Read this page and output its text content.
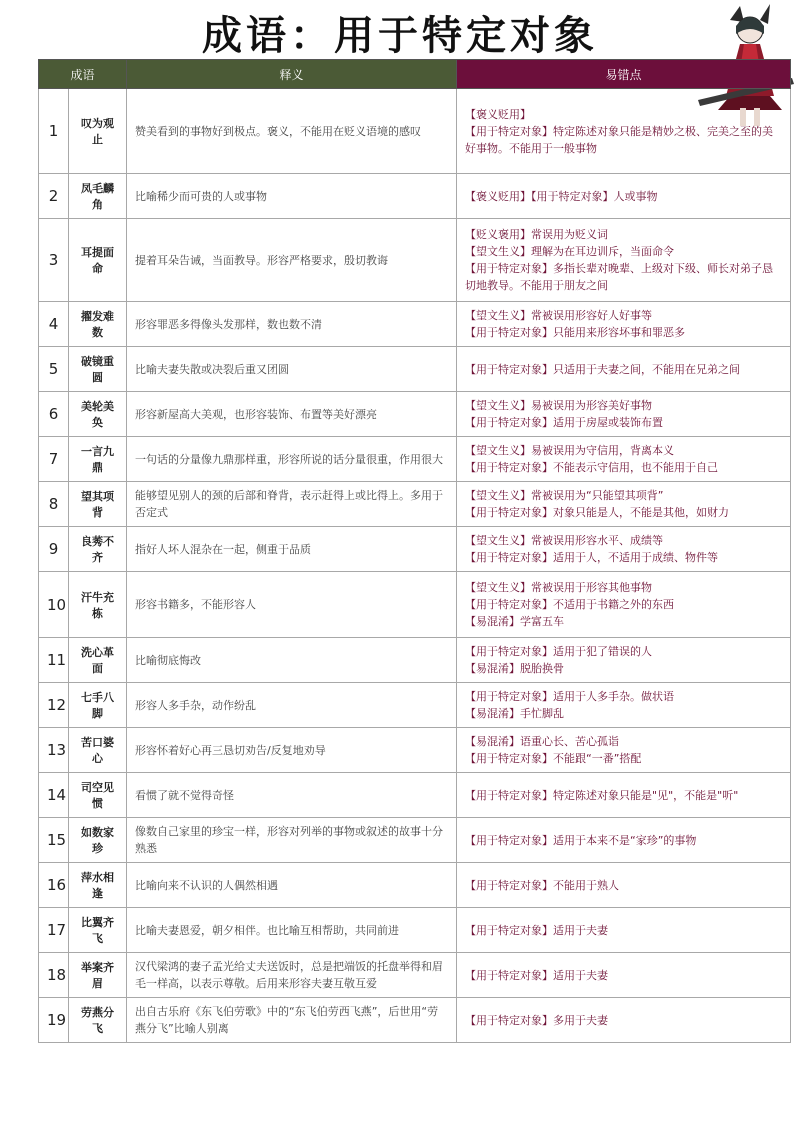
成语：用于特定对象
成语		释义	易错点
1	叹为观止	赞美看到的事物好到极点。褒义，不能用在贬义语境的感叹	【褒义贬用】
【用于特定对象】特定陈述对象只能是精妙之极、完美之至的美好事物。不能用于一般事物

2	凤毛麟角	比喻稀少而可贵的人或事物	【褒义贬用】【用于特定对象】人或事物

3	耳提面命	提着耳朵告诫，当面教导。形容严格要求，殷切教诲	【贬义褒用】常误用为贬义词
【望文生义】理解为在耳边训斥，当面命令
【用于特定对象】多指长辈对晚辈、上级对下级、师长对弟子恳切地教导。不能用于朋友之间

4	擢发难数	形容罪恶多得像头发那样，数也数不清	【望文生义】常被误用形容好人好事等
【用于特定对象】只能用来形容坏事和罪恶多

5	破镜重圆	比喻夫妻失散或决裂后重又团圆	【用于特定对象】只适用于夫妻之间，不能用在兄弟之间

6	美轮美奂	形容新屋高大美观，也形容装饰、布置等美好漂亮	【望文生义】易被误用为形容美好事物
【用于特定对象】适用于房屋或装饰布置

7	一言九鼎	一句话的分量像九鼎那样重，形容所说的话分量很重，作用很大	【望文生义】易被误用为守信用，背离本义
【用于特定对象】不能表示守信用，也不能用于自己

8	望其项背	能够望见别人的颈的后部和脊背，表示赶得上或比得上。多用于否定式	【望文生义】常被误用为“只能望其项背”
【用于特定对象】对象只能是人，不能是其他，如财力

9	良莠不齐	指好人坏人混杂在一起，侧重于品质	【望文生义】常被误用形容水平、成绩等
【用于特定对象】适用于人，不适用于成绩、物件等

10	汗牛充栋	形容书籍多，不能形容人	【望文生义】常被误用于形容其他事物
【用于特定对象】不适用于书籍之外的东西
【易混淆】学富五车

11	洗心革面	比喻彻底悔改	【用于特定对象】适用于犯了错误的人
【易混淆】脱胎换骨

12	七手八脚	形容人多手杂，动作纷乱	【用于特定对象】适用于人多手杂。做状语
【易混淆】手忙脚乱

13	苦口婆心	形容怀着好心再三恳切劝告/反复地劝导	【易混淆】语重心长、苦心孤诣
【用于特定对象】不能跟“一番”搭配

14	司空见惯	看惯了就不觉得奇怪	【用于特定对象】特定陈述对象只能是"见"，不能是"听"

15	如数家珍	像数自己家里的珍宝一样，形容对列举的事物或叙述的故事十分熟悉	【用于特定对象】适用于本来不是“家珍”的事物

16	萍水相逢	比喻向来不认识的人偶然相遇	【用于特定对象】不能用于熟人

17	比翼齐飞	比喻夫妻恩爱，朝夕相伴。也比喻互相帮助，共同前进	【用于特定对象】适用于夫妻

18	举案齐眉	汉代梁鸿的妻子孟光给丈夫送饭时，总是把端饭的托盘举得和眉毛一样高，以表示尊敬。后用来形容夫妻互敬互爱	【用于特定对象】适用于夫妻

19	劳燕分飞	出自古乐府《东飞伯劳歌》中的“东飞伯劳西飞燕”，后世用“劳燕分飞”比喻人别离	【用于特定对象】多用于夫妻
